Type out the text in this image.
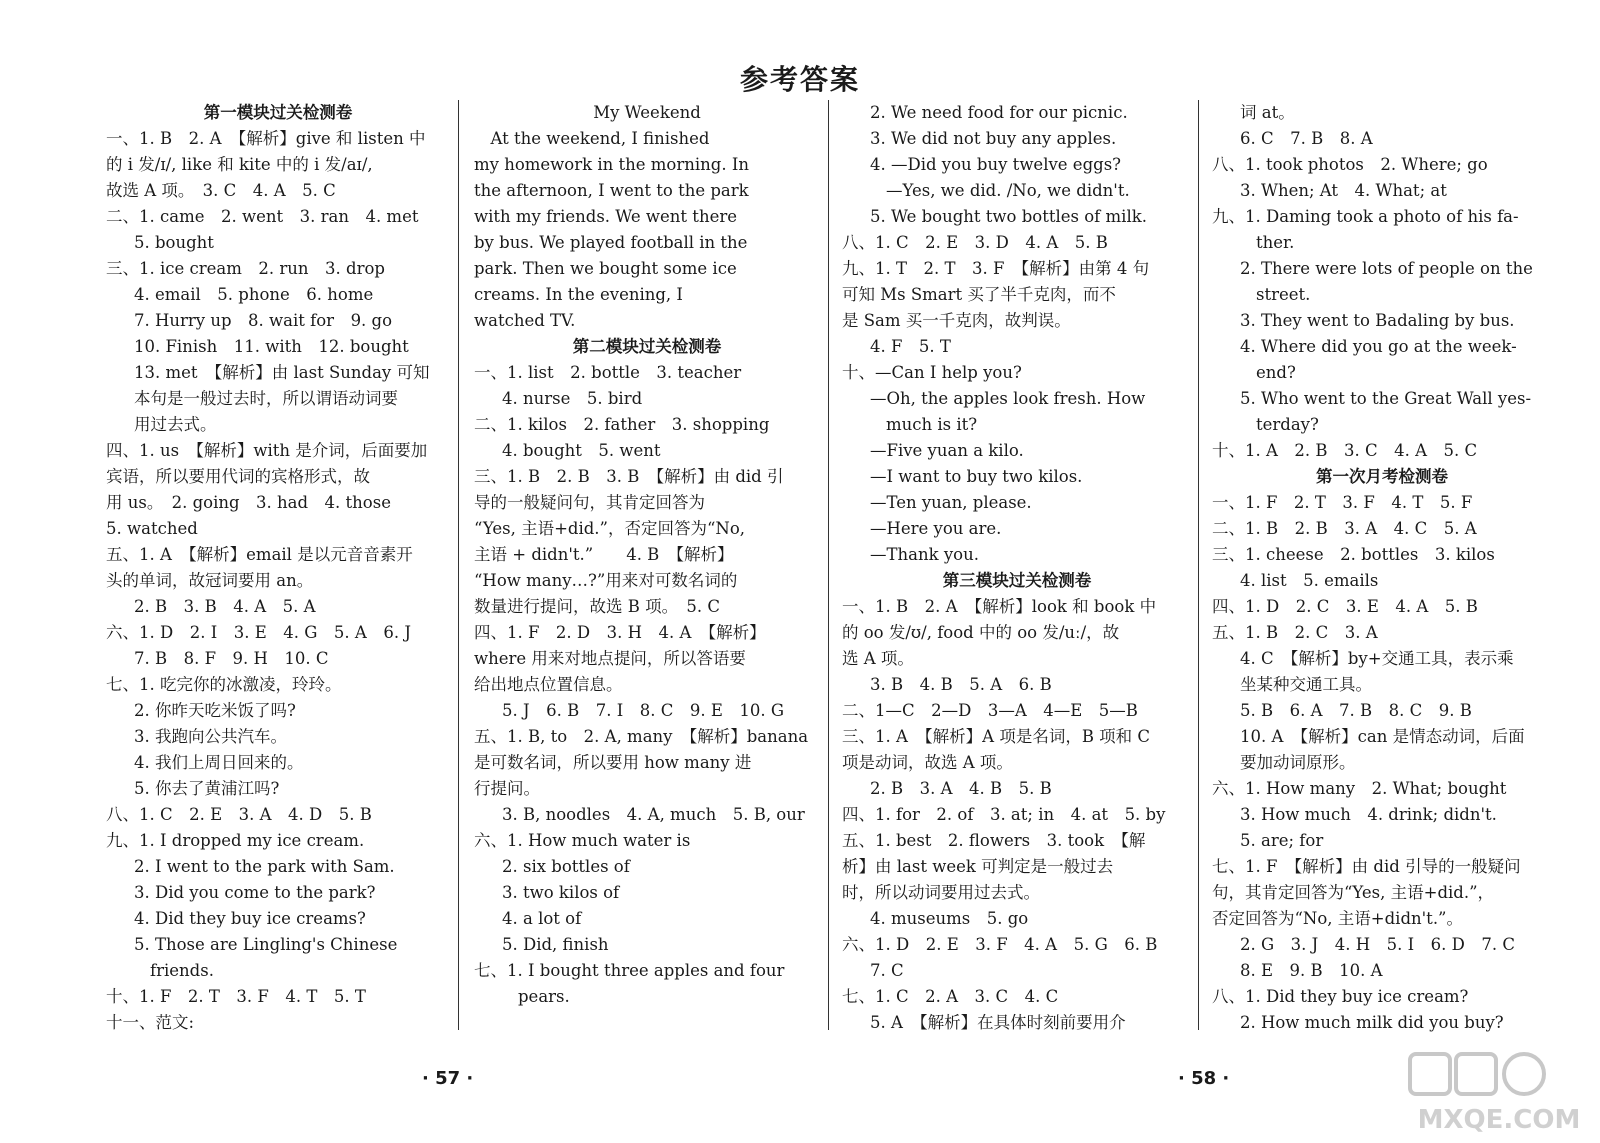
参考答案
第一模块过关检测卷
一、1. B　2. A　【解析】give 和 listen 中
的 i 发/ɪ/, like 和 kite 中的 i 发/aɪ/,
故选 A 项。　3. C　4. A　5. C
二、1. came　2. went　3. ran　4. met
5. bought
三、1. ice cream　2. run　3. drop
4. email　5. phone　6. home
7. Hurry up　8. wait for　9. go
10. Finish　11. with　12. bought
13. met　【解析】由 last Sunday 可知
本句是一般过去时，所以谓语动词要
用过去式。
四、1. us　【解析】with 是介词，后面要加
宾语，所以要用代词的宾格形式，故
用 us。　2. going　3. had　4. those
5. watched
五、1. A　【解析】email 是以元音音素开
头的单词，故冠词要用 an。
2. B　3. B　4. A　5. A
六、1. D　2. I　3. E　4. G　5. A　6. J
7. B　8. F　9. H　10. C
七、1. 吃完你的冰激凌，玲玲。
2. 你昨天吃米饭了吗?
3. 我跑向公共汽车。
4. 我们上周日回来的。
5. 你去了黄浦江吗?
八、1. C　2. E　3. A　4. D　5. B
九、1. I dropped my ice cream.
2. I went to the park with Sam.
3. Did you come to the park?
4. Did they buy ice creams?
5. Those are Lingling's Chinese
friends.
十、1. F　2. T　3. F　4. T　5. T
十一、范文:
My Weekend
　At the weekend, I finished
my homework in the morning. In
the afternoon, I went to the park
with my friends. We went there
by bus. We played football in the
park. Then we bought some ice
creams. In the evening, I
watched TV.
第二模块过关检测卷
一、1. list　2. bottle　3. teacher
4. nurse　5. bird
二、1. kilos　2. father　3. shopping
4. bought　5. went
三、1. B　2. B　3. B　【解析】由 did 引
导的一般疑问句，其肯定回答为
“Yes, 主语+did.”，否定回答为“No,
主语 + didn't.”　　4. B　【解析】
“How many…?”用来对可数名词的
数量进行提问，故选 B 项。　5. C
四、1. F　2. D　3. H　4. A　【解析】
where 用来对地点提问，所以答语要
给出地点位置信息。
5. J　6. B　7. I　8. C　9. E　10. G
五、1. B, to　2. A, many　【解析】banana
是可数名词，所以要用 how many 进
行提问。
3. B, noodles　4. A, much　5. B, our
六、1. How much water is
2. six bottles of
3. two kilos of
4. a lot of
5. Did, finish
七、1. I bought three apples and four
pears.
2. We need food for our picnic.
3. We did not buy any apples.
4. —Did you buy twelve eggs?
—Yes, we did. /No, we didn't.
5. We bought two bottles of milk.
八、1. C　2. E　3. D　4. A　5. B
九、1. T　2. T　3. F　【解析】由第 4 句
可知 Ms Smart 买了半千克肉，而不
是 Sam 买一千克肉，故判误。
4. F　5. T
十、—Can I help you?
—Oh, the apples look fresh. How
much is it?
—Five yuan a kilo.
—I want to buy two kilos.
—Ten yuan, please.
—Here you are.
—Thank you.
第三模块过关检测卷
一、1. B　2. A　【解析】look 和 book 中
的 oo 发/ʊ/, food 中的 oo 发/uː/，故
选 A 项。
3. B　4. B　5. A　6. B
二、1—C　2—D　3—A　4—E　5—B
三、1. A　【解析】A 项是名词，B 项和 C
项是动词，故选 A 项。
2. B　3. A　4. B　5. B
四、1. for　2. of　3. at; in　4. at　5. by
五、1. best　2. flowers　3. took　【解
析】由 last week 可判定是一般过去
时，所以动词要用过去式。
4. museums　5. go
六、1. D　2. E　3. F　4. A　5. G　6. B
7. C
七、1. C　2. A　3. C　4. C
5. A　【解析】在具体时刻前要用介
词 at。
6. C　7. B　8. A
八、1. took photos　2. Where; go
3. When; At　4. What; at
九、1. Daming took a photo of his fa-
ther.
2. There were lots of people on the
street.
3. They went to Badaling by bus.
4. Where did you go at the week-
end?
5. Who went to the Great Wall yes-
terday?
十、1. A　2. B　3. C　4. A　5. C
第一次月考检测卷
一、1. F　2. T　3. F　4. T　5. F
二、1. B　2. B　3. A　4. C　5. A
三、1. cheese　2. bottles　3. kilos
4. list　5. emails
四、1. D　2. C　3. E　4. A　5. B
五、1. B　2. C　3. A
4. C　【解析】by+交通工具，表示乘
坐某种交通工具。
5. B　6. A　7. B　8. C　9. B
10. A　【解析】can 是情态动词，后面
要加动词原形。
六、1. How many　2. What; bought
3. How much　4. drink; didn't.
5. are; for
七、1. F　【解析】由 did 引导的一般疑问
句，其肯定回答为“Yes, 主语+did.”，
否定回答为“No, 主语+didn't.”。
2. G　3. J　4. H　5. I　6. D　7. C
8. E　9. B　10. A
八、1. Did they buy ice cream?
2. How much milk did you buy?
· 57 ·	· 58 ·
MXQE.COM
